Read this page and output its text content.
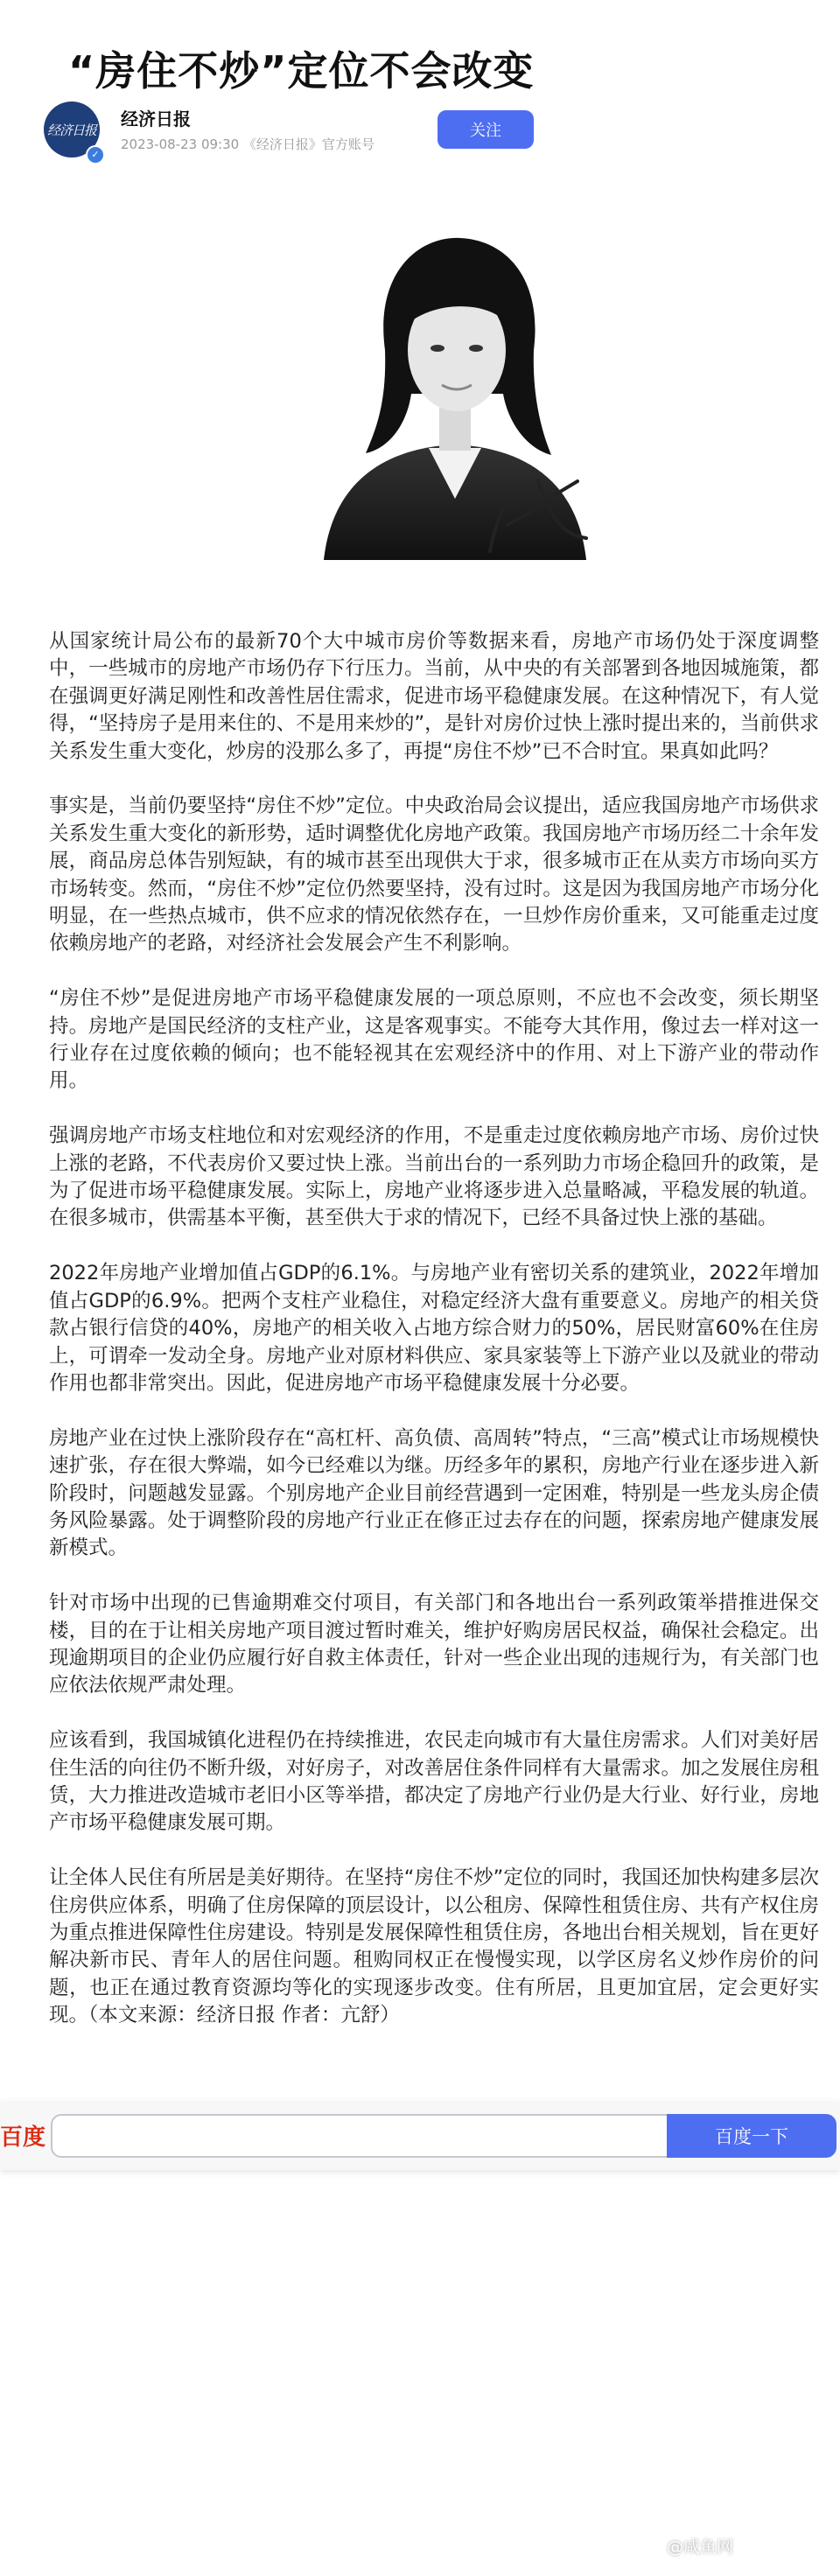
“房住不炒”定位不会改变
经济日报
✓
经济日报
2023-08-23 09:30 《经济日报》官方账号
关注
亢舒

从国家统计局公布的最新70个大中城市房价等数据来看，房地产市场仍处于深度调整中，一些城市的房地产市场仍存下行压力。当前，从中央的有关部署到各地因城施策，都在强调更好满足刚性和改善性居住需求，促进市场平稳健康发展。在这种情况下，有人觉得，“坚持房子是用来住的、不是用来炒的”，是针对房价过快上涨时提出来的，当前供求关系发生重大变化，炒房的没那么多了，再提“房住不炒”已不合时宜。果真如此吗？

事实是，当前仍要坚持“房住不炒”定位。中央政治局会议提出，适应我国房地产市场供求关系发生重大变化的新形势，适时调整优化房地产政策。我国房地产市场历经二十余年发展，商品房总体告别短缺，有的城市甚至出现供大于求，很多城市正在从卖方市场向买方市场转变。然而，“房住不炒”定位仍然要坚持，没有过时。这是因为我国房地产市场分化明显，在一些热点城市，供不应求的情况依然存在，一旦炒作房价重来，又可能重走过度依赖房地产的老路，对经济社会发展会产生不利影响。

“房住不炒”是促进房地产市场平稳健康发展的一项总原则，不应也不会改变，须长期坚持。房地产是国民经济的支柱产业，这是客观事实。不能夸大其作用，像过去一样对这一行业存在过度依赖的倾向；也不能轻视其在宏观经济中的作用、对上下游产业的带动作用。

强调房地产市场支柱地位和对宏观经济的作用，不是重走过度依赖房地产市场、房价过快上涨的老路，不代表房价又要过快上涨。当前出台的一系列助力市场企稳回升的政策，是为了促进市场平稳健康发展。实际上，房地产业将逐步进入总量略减，平稳发展的轨道。在很多城市，供需基本平衡，甚至供大于求的情况下，已经不具备过快上涨的基础。

2022年房地产业增加值占GDP的6.1%。与房地产业有密切关系的建筑业，2022年增加值占GDP的6.9%。把两个支柱产业稳住，对稳定经济大盘有重要意义。房地产的相关贷款占银行信贷的40%，房地产的相关收入占地方综合财力的50%，居民财富60%在住房上，可谓牵一发动全身。房地产业对原材料供应、家具家装等上下游产业以及就业的带动作用也都非常突出。因此，促进房地产市场平稳健康发展十分必要。

房地产业在过快上涨阶段存在“高杠杆、高负债、高周转”特点，“三高”模式让市场规模快速扩张，存在很大弊端，如今已经难以为继。历经多年的累积，房地产行业在逐步进入新阶段时，问题越发显露。个别房地产企业目前经营遇到一定困难，特别是一些龙头房企债务风险暴露。处于调整阶段的房地产行业正在修正过去存在的问题，探索房地产健康发展新模式。

针对市场中出现的已售逾期难交付项目，有关部门和各地出台一系列政策举措推进保交楼，目的在于让相关房地产项目渡过暂时难关，维护好购房居民权益，确保社会稳定。出现逾期项目的企业仍应履行好自救主体责任，针对一些企业出现的违规行为，有关部门也应依法依规严肃处理。

应该看到，我国城镇化进程仍在持续推进，农民走向城市有大量住房需求。人们对美好居住生活的向往仍不断升级，对好房子，对改善居住条件同样有大量需求。加之发展住房租赁，大力推进改造城市老旧小区等举措，都决定了房地产行业仍是大行业、好行业，房地产市场平稳健康发展可期。

让全体人民住有所居是美好期待。在坚持“房住不炒”定位的同时，我国还加快构建多层次住房供应体系，明确了住房保障的顶层设计，以公租房、保障性租赁住房、共有产权住房为重点推进保障性住房建设。特别是发展保障性租赁住房，各地出台相关规划，旨在更好解决新市民、青年人的居住问题。租购同权正在慢慢实现，以学区房名义炒作房价的问题，也正在通过教育资源均等化的实现逐步改变。住有所居，且更加宜居，定会更好实现。（本文来源：经济日报 作者：亢舒）

百度	百度一下
@咸鱼网
